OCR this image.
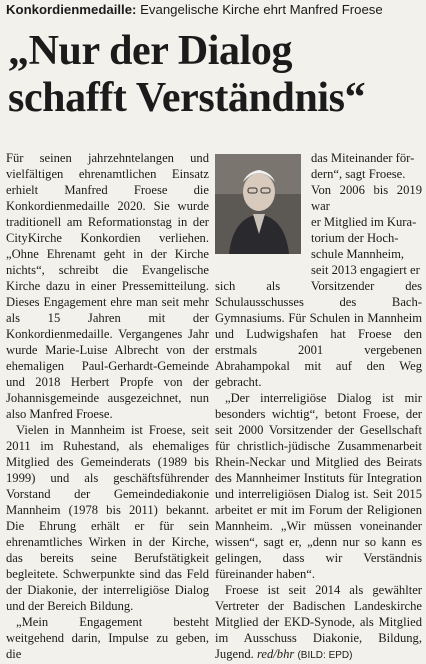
Konkordienmedaille: Evangelische Kirche ehrt Manfred Froese
„Nur der Dialog
schafft Verständnis“

Für seinen jahrzehntelangen und vielfältigen ehrenamtlichen Einsatz erhielt Manfred Froese die Konkordienmedaille 2020. Sie wurde traditionell am Reformationstag in der CityKirche Konkordien verliehen. „Ohne Ehrenamt geht in der Kirche nichts“, schreibt die Evangelische Kirche dazu in einer Pressemitteilung. Dieses Engagement ehre man seit mehr als 15 Jahren mit der Konkordienmedaille. Vergangenes Jahr wurde Marie-Luise Albrecht von der ehemaligen Paul-Gerhardt-Gemeinde und 2018 Herbert Propfe von der Johannisgemeinde ausgezeichnet, nun also Manfred Froese.

Vielen in Mannheim ist Froese, seit 2011 im Ruhestand, als ehemaliges Mitglied des Gemeinderats (1989 bis 1999) und als geschäftsführender Vorstand der Gemeindediakonie Mannheim (1978 bis 2011) bekannt. Die Ehrung erhält er für sein ehrenamtliches Wirken in der Kirche, das bereits seine Berufstätigkeit begleitete. Schwerpunkte sind das Feld der Diakonie, der interreligiöse Dialog und der Bereich Bildung.

„Mein Engagement besteht weitgehend darin, Impulse zu geben, die

das Miteinander för-

dern“, sagt Froese.

Von 2006 bis 2019 war

er Mitglied im Kura-

torium der Hoch-

schule Mannheim,

seit 2013 engagiert er

sich als Vorsitzender des Schulausschusses des Bach-Gymnasiums. Für Schulen in Mannheim und Ludwigshafen hat Froese den erstmals 2001 vergebenen Abrahampokal mit auf den Weg gebracht.

„Der interreligiöse Dialog ist mir besonders wichtig“, betont Froese, der seit 2000 Vorsitzender der Gesellschaft für christlich-jüdische Zusammenarbeit Rhein-Neckar und Mitglied des Beirats des Mannheimer Instituts für Integration und interreligiösen Dialog ist. Seit 2015 arbeitet er mit im Forum der Religionen Mannheim. „Wir müssen voneinander wissen“, sagt er, „denn nur so kann es gelingen, dass wir Verständnis füreinander haben“.

Froese ist seit 2014 als gewählter Vertreter der Badischen Landeskirche Mitglied der EKD-Synode, als Mitglied im Ausschuss Diakonie, Bildung, Jugend. red/bhr (BILD: EPD)
